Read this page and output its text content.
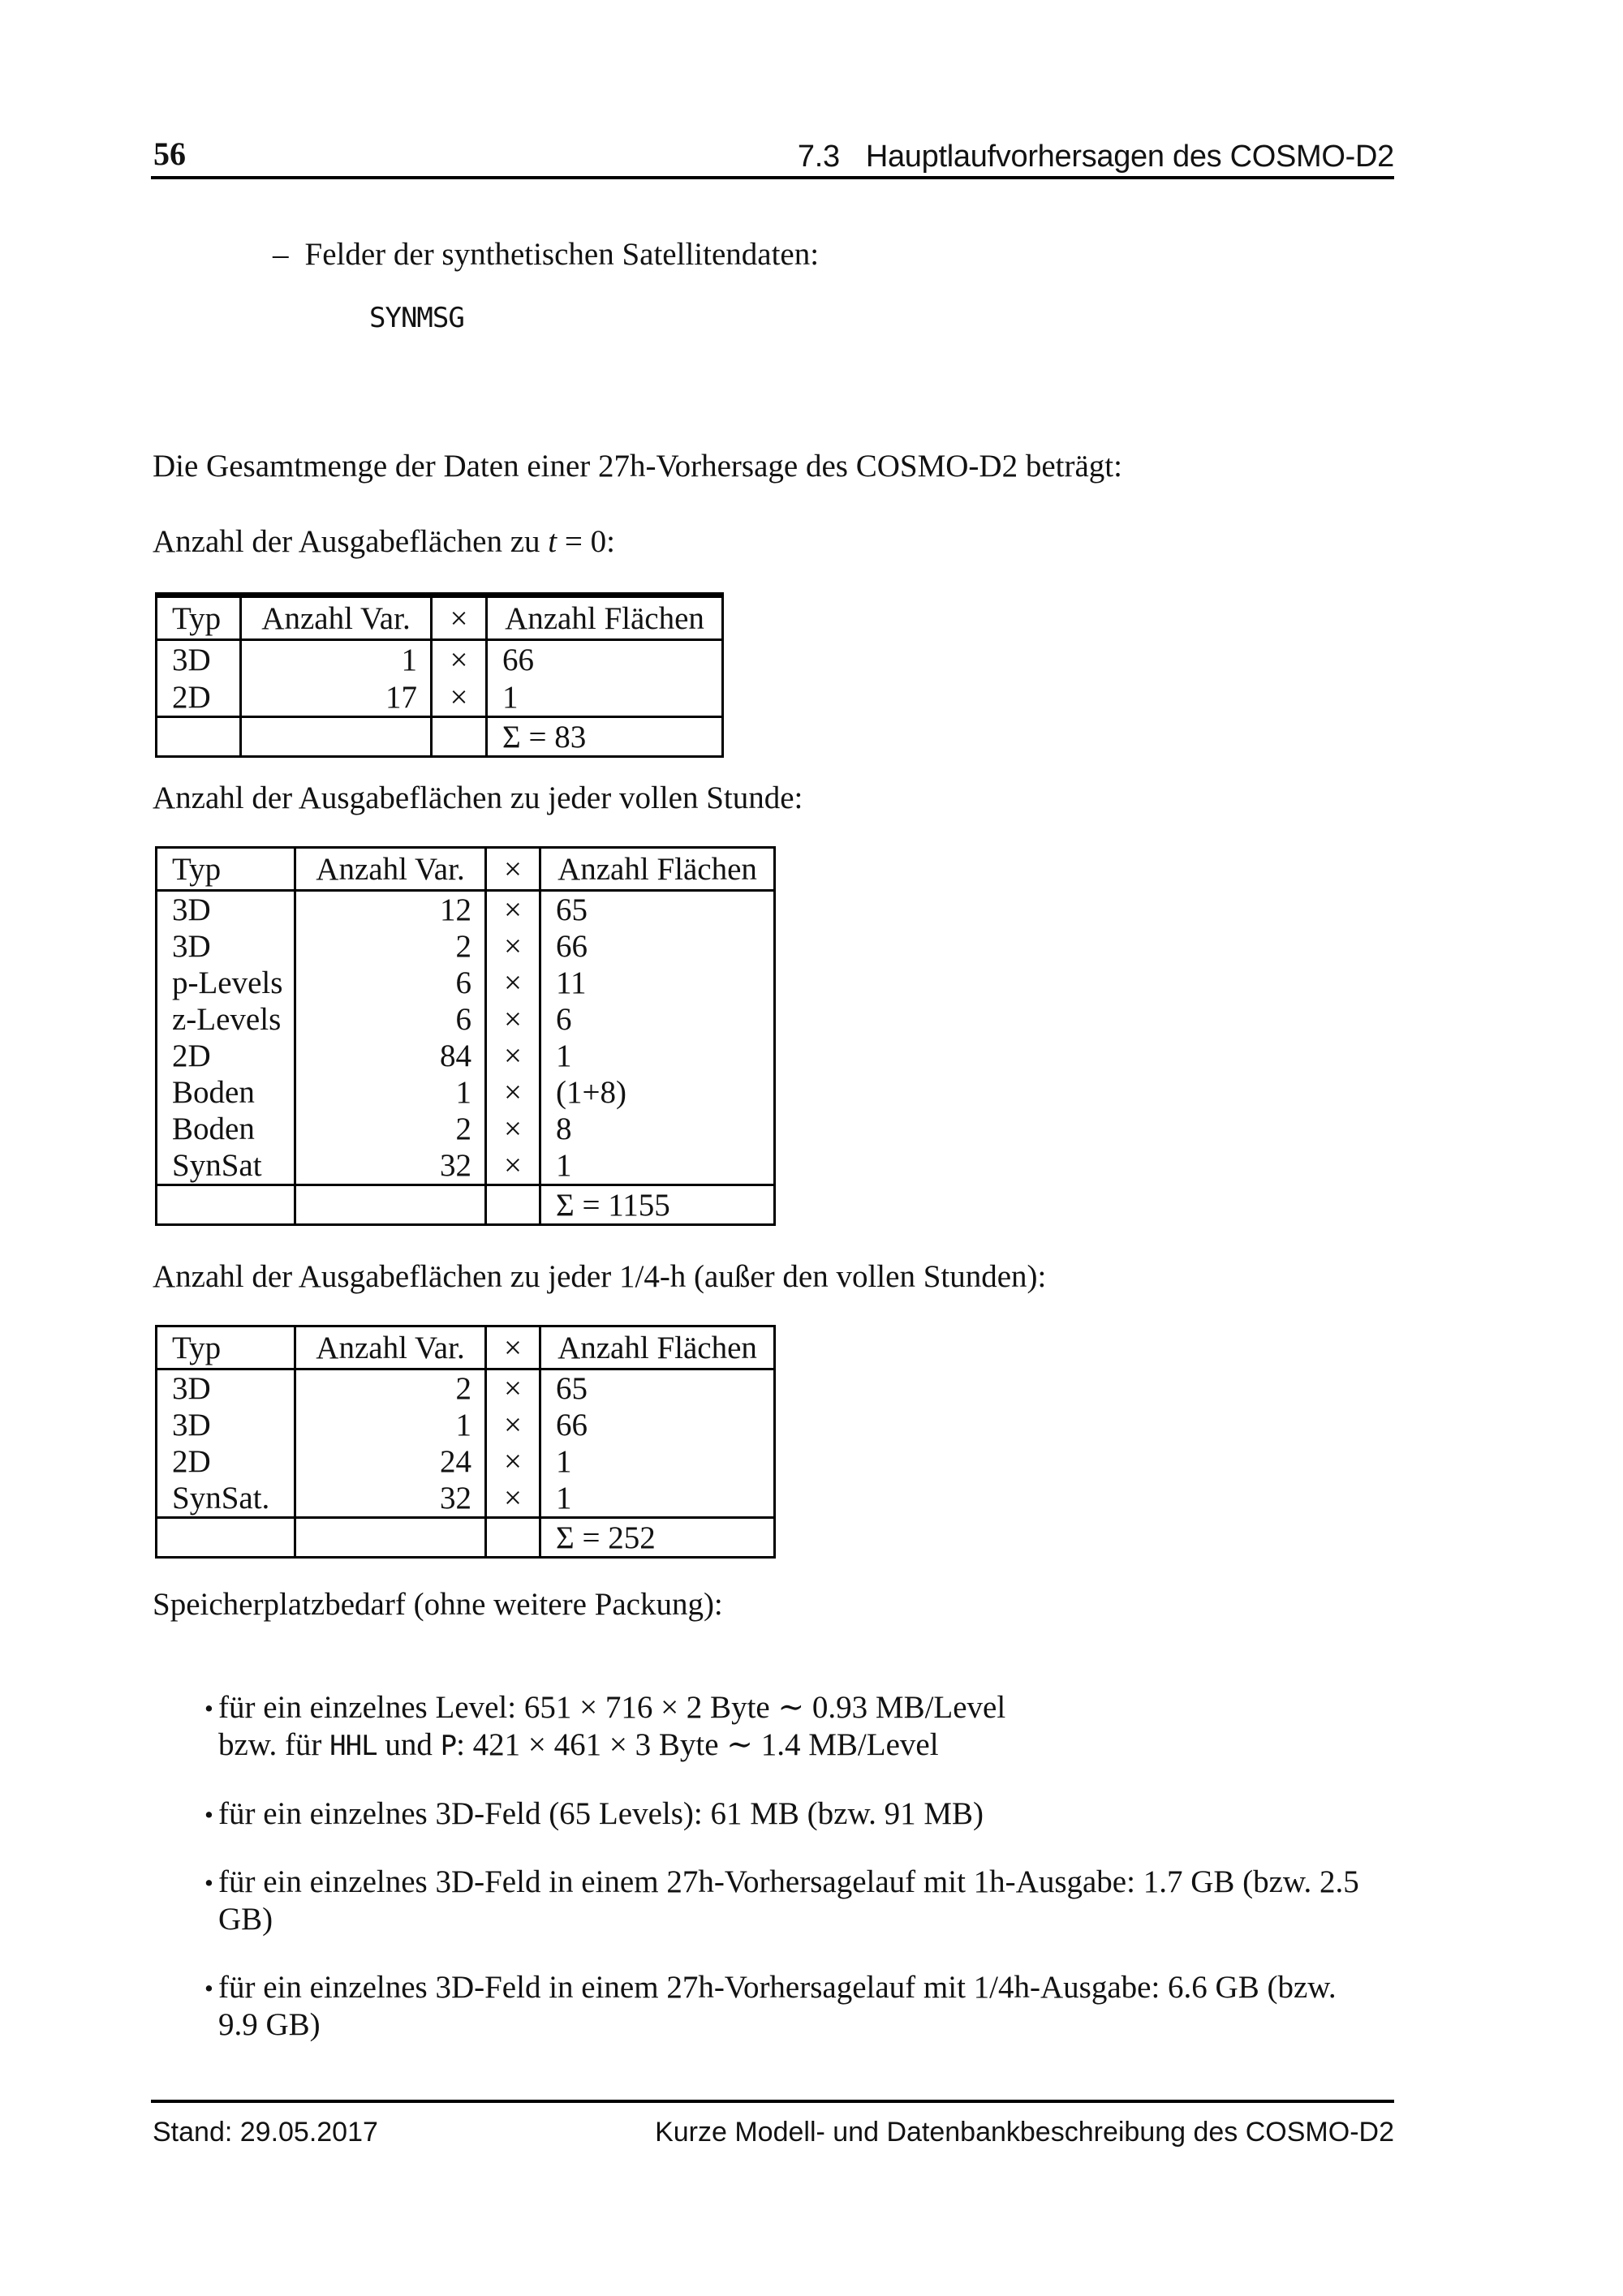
56	7.3 Hauptlaufvorhersagen des COSMO-D2
– Felder der synthetischen Satellitendaten:
SYNMSG
Die Gesamtmenge der Daten einer 27h-Vorhersage des COSMO-D2 beträgt:
Anzahl der Ausgabeflächen zu t = 0:
Typ	Anzahl Var.	×	Anzahl Flächen
3D	1	×	66
2D	17	×	1
			Σ = 83
Anzahl der Ausgabeflächen zu jeder vollen Stunde:
Typ	Anzahl Var.	×	Anzahl Flächen
3D	12	×	65
3D	2	×	66
p-Levels	6	×	11
z-Levels	6	×	6
2D	84	×	1
Boden	1	×	(1+8)
Boden	2	×	8
SynSat	32	×	1
			Σ = 1155
Anzahl der Ausgabeflächen zu jeder 1/4-h (außer den vollen Stunden):
Typ	Anzahl Var.	×	Anzahl Flächen
3D	2	×	65
3D	1	×	66
2D	24	×	1
SynSat.	32	×	1
			Σ = 252
Speicherplatzbedarf (ohne weitere Packung):
• für ein einzelnes Level: 651 × 716 × 2 Byte ∼ 0.93 MB/Level
bzw. für HHL und P: 421 × 461 × 3 Byte ∼ 1.4 MB/Level
• für ein einzelnes 3D-Feld (65 Levels): 61 MB (bzw. 91 MB)
• für ein einzelnes 3D-Feld in einem 27h-Vorhersagelauf mit 1h-Ausgabe: 1.7 GB (bzw. 2.5
GB)
• für ein einzelnes 3D-Feld in einem 27h-Vorhersagelauf mit 1/4h-Ausgabe: 6.6 GB (bzw.
9.9 GB)
Stand: 29.05.2017	Kurze Modell- und Datenbankbeschreibung des COSMO-D2
